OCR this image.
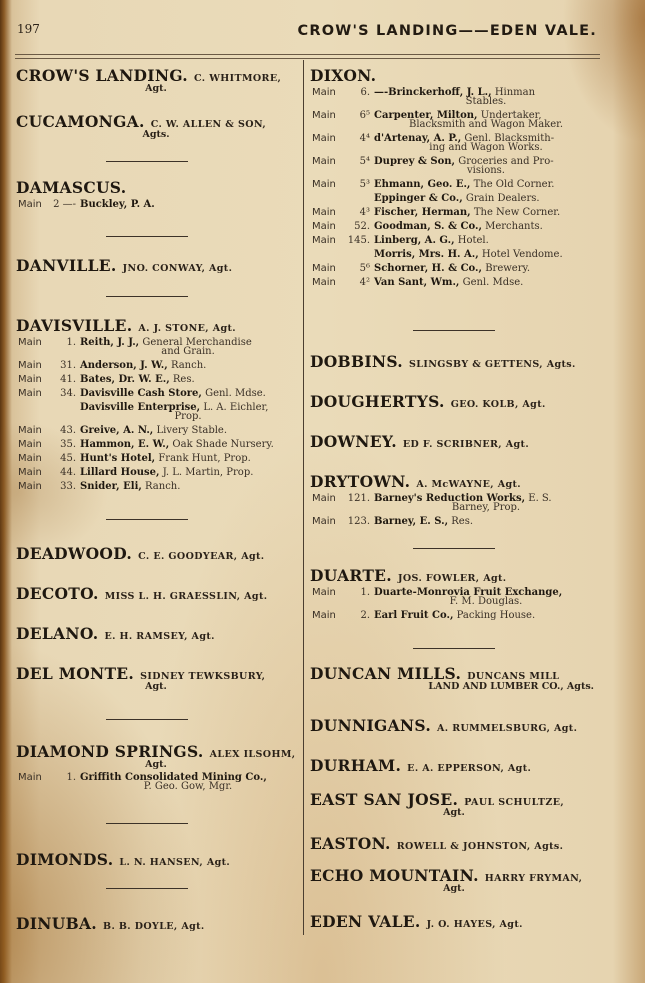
197	CROW'S LANDING——EDEN VALE.
CROW'S LANDING. C. WHITMORE,
Agt.
CUCAMONGA. C. W. ALLEN & SON,
Agts.
DAMASCUS.
Main	2 —- Buckley, P. A.
DANVILLE. JNO. CONWAY, Agt.
DAVISVILLE. A. J. STONE, Agt.
Main	1. Reith, J. J., General Merchandise
and Grain.
Main	31. Anderson, J. W., Ranch.
Main	41. Bates, Dr. W. E., Res.
Main	34. Davisville Cash Store, Genl. Mdse.
Davisville Enterprise, L. A. Eichler,
Prop.
Main	43. Greive, A. N., Livery Stable.
Main	35. Hammon, E. W., Oak Shade Nursery.
Main	45. Hunt's Hotel, Frank Hunt, Prop.
Main	44. Lillard House, J. L. Martin, Prop.
Main	33. Snider, Eli, Ranch.
DEADWOOD. C. E. GOODYEAR, Agt.
DECOTO. MISS L. H. GRAESSLIN, Agt.
DELANO. E. H. RAMSEY, Agt.
DEL MONTE. SIDNEY TEWKSBURY,
Agt.
DIAMOND SPRINGS. ALEX ILSOHM,
Agt.
Main	1. Griffith Consolidated Mining Co.,
P. Geo. Gow, Mgr.
DIMONDS. L. N. HANSEN, Agt.
DINUBA. B. B. DOYLE, Agt.
DIXON.
Main	6. —-Brinckerhoff, J. L., Hinman
Stables.
Main	6⁵ Carpenter, Milton, Undertaker,
Blacksmith and Wagon Maker.
Main	4⁴ d'Artenay, A. P., Genl. Blacksmith-
ing and Wagon Works.
Main	5⁴ Duprey & Son, Groceries and Pro-
visions.
Main	5³ Ehmann, Geo. E., The Old Corner.
Eppinger & Co., Grain Dealers.
Main	4³ Fischer, Herman, The New Corner.
Main	52. Goodman, S. & Co., Merchants.
Main	145. Linberg, A. G., Hotel.
Morris, Mrs. H. A., Hotel Vendome.
Main	5⁶ Schorner, H. & Co., Brewery.
Main	4² Van Sant, Wm., Genl. Mdse.
DOBBINS. SLINGSBY & GETTENS, Agts.
DOUGHERTYS. GEO. KOLB, Agt.
DOWNEY. ED F. SCRIBNER, Agt.
DRYTOWN. A. McWAYNE, Agt.
Main	121. Barney's Reduction Works, E. S.
Barney, Prop.
Main	123. Barney, E. S., Res.
DUARTE. JOS. FOWLER, Agt.
Main	1. Duarte-Monrovia Fruit Exchange,
F. M. Douglas.
Main	2. Earl Fruit Co., Packing House.
DUNCAN MILLS. DUNCANS MILL
LAND AND LUMBER CO., Agts.
DUNNIGANS. A. RUMMELSBURG, Agt.
DURHAM. E. A. EPPERSON, Agt.
EAST SAN JOSE. PAUL SCHULTZE,
Agt.
EASTON. ROWELL & JOHNSTON, Agts.
ECHO MOUNTAIN. HARRY FRYMAN,
Agt.
EDEN VALE. J. O. HAYES, Agt.
